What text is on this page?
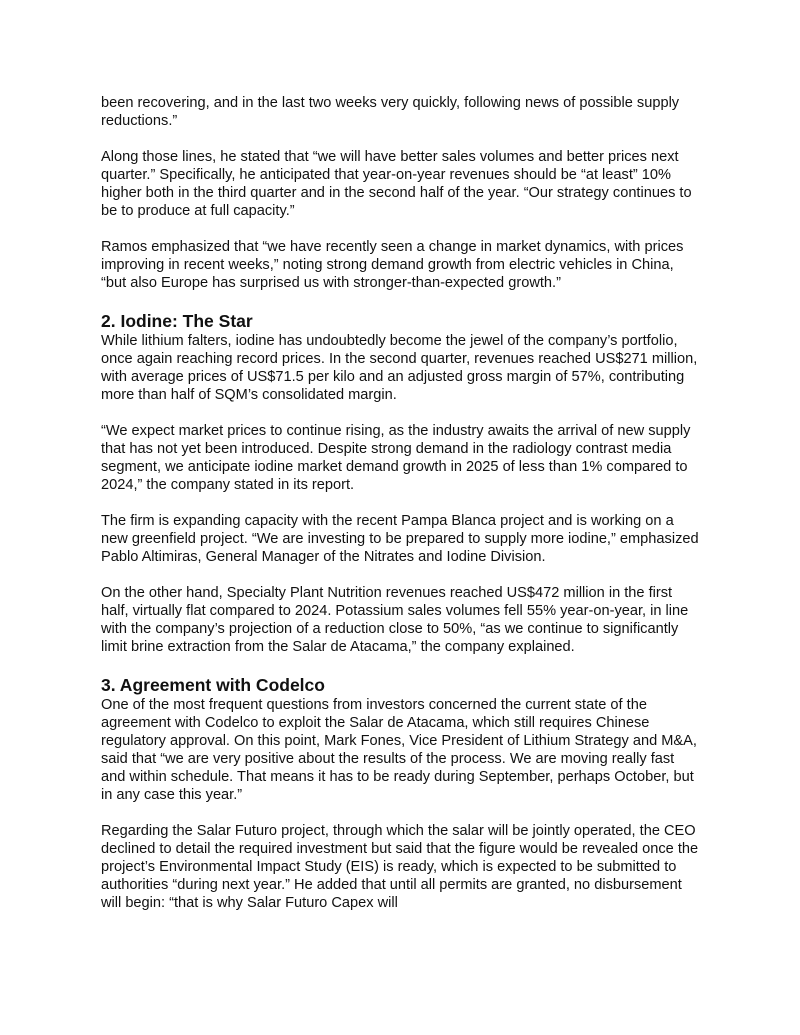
been recovering, and in the last two weeks very quickly, following news of possible supply reductions.”

Along those lines, he stated that “we will have better sales volumes and better prices next quarter.” Specifically, he anticipated that year-on-year revenues should be “at least” 10% higher both in the third quarter and in the second half of the year. “Our strategy continues to be to produce at full capacity.”

Ramos emphasized that “we have recently seen a change in market dynamics, with prices improving in recent weeks,” noting strong demand growth from electric vehicles in China, “but also Europe has surprised us with stronger-than-expected growth.”

2. Iodine: The Star

While lithium falters, iodine has undoubtedly become the jewel of the company’s portfolio, once again reaching record prices. In the second quarter, revenues reached US$271 million, with average prices of US$71.5 per kilo and an adjusted gross margin of 57%, contributing more than half of SQM’s consolidated margin.

“We expect market prices to continue rising, as the industry awaits the arrival of new supply that has not yet been introduced. Despite strong demand in the radiology contrast media segment, we anticipate iodine market demand growth in 2025 of less than 1% compared to 2024,” the company stated in its report.

The firm is expanding capacity with the recent Pampa Blanca project and is working on a new greenfield project. “We are investing to be prepared to supply more iodine,” emphasized Pablo Altimiras, General Manager of the Nitrates and Iodine Division.

On the other hand, Specialty Plant Nutrition revenues reached US$472 million in the first half, virtually flat compared to 2024. Potassium sales volumes fell 55% year-on-year, in line with the company’s projection of a reduction close to 50%, “as we continue to significantly limit brine extraction from the Salar de Atacama,” the company explained.

3. Agreement with Codelco

One of the most frequent questions from investors concerned the current state of the agreement with Codelco to exploit the Salar de Atacama, which still requires Chinese regulatory approval. On this point, Mark Fones, Vice President of Lithium Strategy and M&A, said that “we are very positive about the results of the process. We are moving really fast and within schedule. That means it has to be ready during September, perhaps October, but in any case this year.”

Regarding the Salar Futuro project, through which the salar will be jointly operated, the CEO declined to detail the required investment but said that the figure would be revealed once the project’s Environmental Impact Study (EIS) is ready, which is expected to be submitted to authorities “during next year.” He added that until all permits are granted, no disbursement will begin: “that is why Salar Futuro Capex will
